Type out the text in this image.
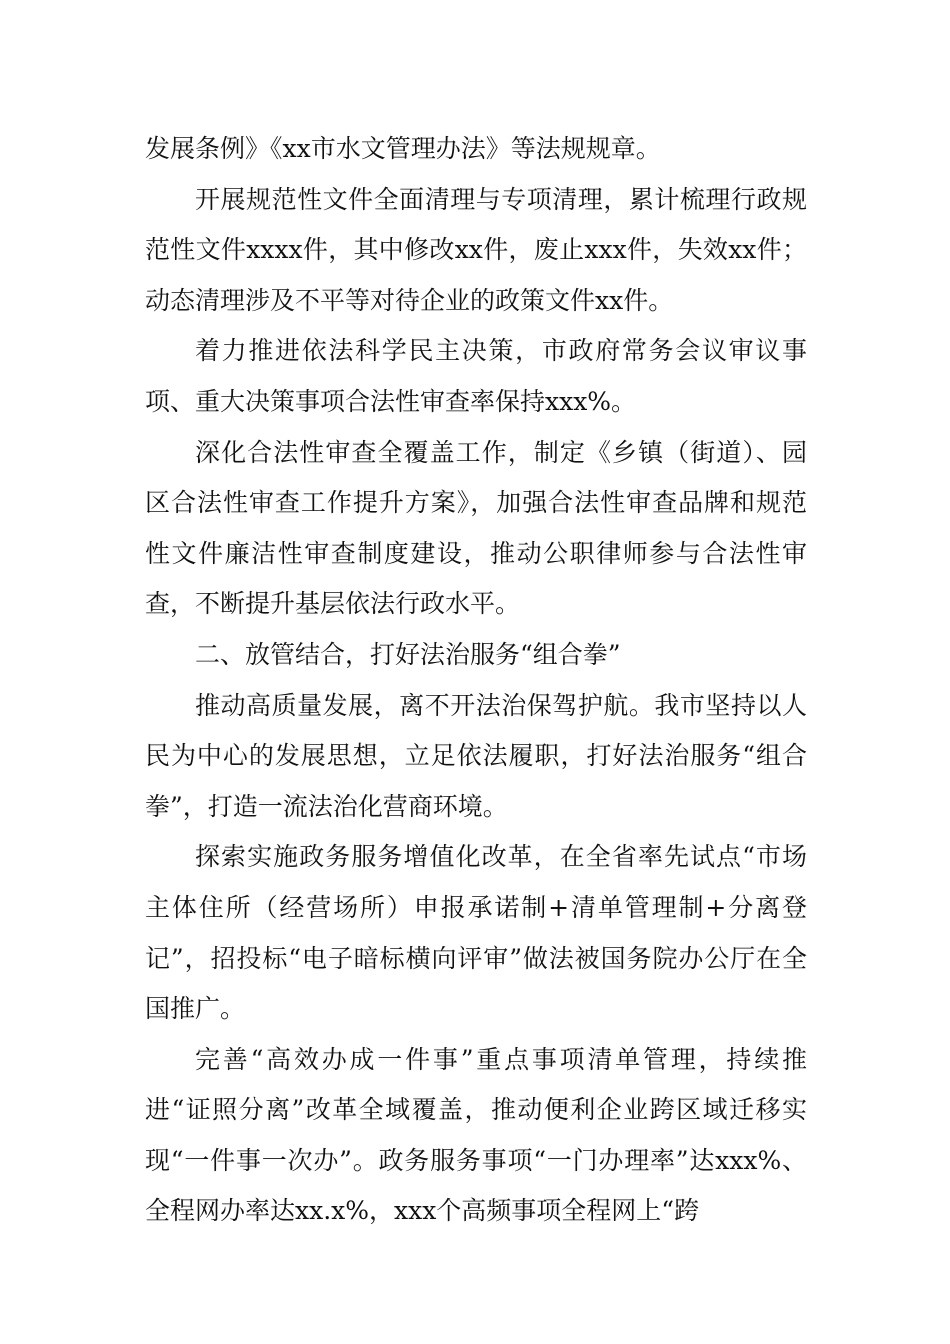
发展条例》《xx市水文管理办法》等法规规章。

开展规范性文件全面清理与专项清理，累计梳理行政规范性文件xxxx件，其中修改xx件，废止xxx件，失效xx件；动态清理涉及不平等对待企业的政策文件xx件。

着力推进依法科学民主决策，市政府常务会议审议事项、重大决策事项合法性审查率保持xxx%。

深化合法性审查全覆盖工作，制定《乡镇（街道）、园区合法性审查工作提升方案》，加强合法性审查品牌和规范性文件廉洁性审查制度建设，推动公职律师参与合法性审查，不断提升基层依法行政水平。

二、放管结合，打好法治服务“组合拳”

推动高质量发展，离不开法治保驾护航。我市坚持以人民为中心的发展思想，立足依法履职，打好法治服务“组合拳”，打造一流法治化营商环境。

探索实施政务服务增值化改革，在全省率先试点“市场主体住所（经营场所）申报承诺制+清单管理制+分离登记”，招投标“电子暗标横向评审”做法被国务院办公厅在全国推广。

完善“高效办成一件事”重点事项清单管理，持续推进“证照分离”改革全域覆盖，推动便利企业跨区域迁移实现“一件事一次办”。政务服务事项“一门办理率”达xxx%、全程网办率达xx.x%，xxx个高频事项全程网上“跨
